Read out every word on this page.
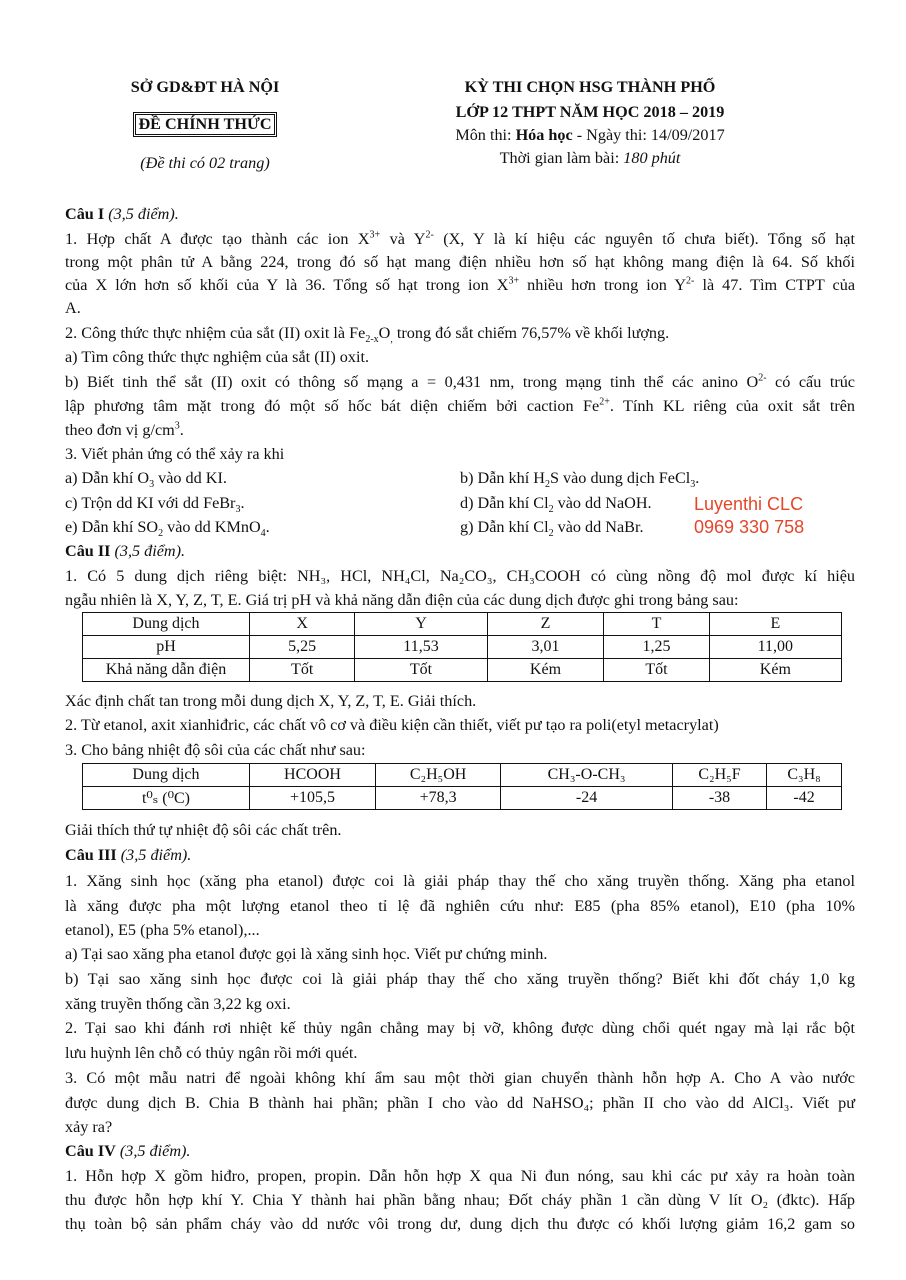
SỞ GD&ĐT HÀ NỘI
ĐỀ CHÍNH THỨC
(Đề thi có 02 trang)
KỲ THI CHỌN HSG THÀNH PHỐ
LỚP 12 THPT NĂM HỌC 2018 – 2019
Môn thi: Hóa học - Ngày thi: 14/09/2017
Thời gian làm bài: 180 phút
Câu I (3,5 điểm).
1. Hợp chất A được tạo thành các ion $X^{3+}$ và $Y^{2-}$ (X, Y là kí hiệu các nguyên tố chưa biết). Tổng số hạt
trong một phân tử A bằng 224, trong đó số hạt mang điện nhiều hơn số hạt không mang điện là 64. Số khối
của X lớn hơn số khối của Y là 36. Tổng số hạt trong ion $X^{3+}$ nhiều hơn trong ion $Y^{2-}$ là 47. Tìm CTPT của
A.
2. Công thức thực nhiệm của sắt (II) oxit là $Fe_{2-x}O_,$ trong đó sắt chiếm 76,57% về khối lượng.
a) Tìm công thức thực nghiệm của sắt (II) oxit.
b) Biết tinh thể sắt (II) oxit có thông số mạng a = 0,431 nm, trong mạng tinh thể các anino $O^{2-}$ có cấu trúc
lập phương tâm mặt trong đó một số hốc bát diện chiếm bởi caction $Fe^{2+}$. Tính KL riêng của oxit sắt trên
theo đơn vị $g/cm^3$.
3. Viết phản ứng có thể xảy ra khi
a) Dẫn khí $O_3$ vào dd KI.	b) Dẫn khí $H_2S$ vào dung dịch FeCl$_3$.
c) Trộn dd KI với dd FeBr$_3$.	d) Dẫn khí $Cl_2$ vào dd NaOH.
e) Dẫn khí $SO_2$ vào dd KMnO$_4$.	g) Dẫn khí $Cl_2$ vào dd NaBr.
Luyenthi CLC
0969 330 758
Câu II (3,5 điểm).
1. Có 5 dung dịch riêng biệt: NH₃, HCl, NH₄Cl, Na₂CO₃, CH₃COOH có cùng nồng độ mol được kí hiệu
ngẫu nhiên là X, Y, Z, T, E. Giá trị pH và khả năng dẫn điện của các dung dịch được ghi trong bảng sau:
Dung dịch	X	Y	Z	T	E
pH	5,25	11,53	3,01	1,25	11,00
Khả năng dẫn điện	Tốt	Tốt	Kém	Tốt	Kém
Xác định chất tan trong mỗi dung dịch X, Y, Z, T, E. Giải thích.
2. Từ etanol, axit xianhiđric, các chất vô cơ và điều kiện cần thiết, viết pư tạo ra poli(etyl metacrylat)
3. Cho bảng nhiệt độ sôi của các chất như sau:
Dung dịch	HCOOH	C₂H₅OH	CH₃-O-CH₃	C₂H₅F	C₃H₈
t⁰ₛ (⁰C)	+105,5	+78,3	-24	-38	-42
Giải thích thứ tự nhiệt độ sôi các chất trên.
Câu III (3,5 điểm).
1. Xăng sinh học (xăng pha etanol) được coi là giải pháp thay thế cho xăng truyền thống. Xăng pha etanol
là xăng được pha một lượng etanol theo tỉ lệ đã nghiên cứu như: E85 (pha 85% etanol), E10 (pha 10%
etanol), E5 (pha 5% etanol),...
a) Tại sao xăng pha etanol được gọi là xăng sinh học. Viết pư chứng minh.
b) Tại sao xăng sinh học được coi là giải pháp thay thế cho xăng truyền thống? Biết khi đốt cháy 1,0 kg
xăng truyền thống cần 3,22 kg oxi.
2. Tại sao khi đánh rơi nhiệt kế thủy ngân chẳng may bị vỡ, không được dùng chổi quét ngay mà lại rắc bột
lưu huỳnh lên chỗ có thủy ngân rồi mới quét.
3. Có một mẫu natri để ngoài không khí ẩm sau một thời gian chuyển thành hỗn hợp A. Cho A vào nước
được dung dịch B. Chia B thành hai phần; phần I cho vào dd NaHSO₄; phần II cho vào dd AlCl₃. Viết pư
xảy ra?
Câu IV (3,5 điểm).
1. Hỗn hợp X gồm hiđro, propen, propin. Dẫn hỗn hợp X qua Ni đun nóng, sau khi các pư xảy ra hoàn toàn
thu được hỗn hợp khí Y. Chia Y thành hai phần bằng nhau; Đốt cháy phần 1 cần dùng V lít O₂ (đktc). Hấp
thụ toàn bộ sản phẩm cháy vào dd nước vôi trong dư, dung dịch thu được có khối lượng giảm 16,2 gam so
